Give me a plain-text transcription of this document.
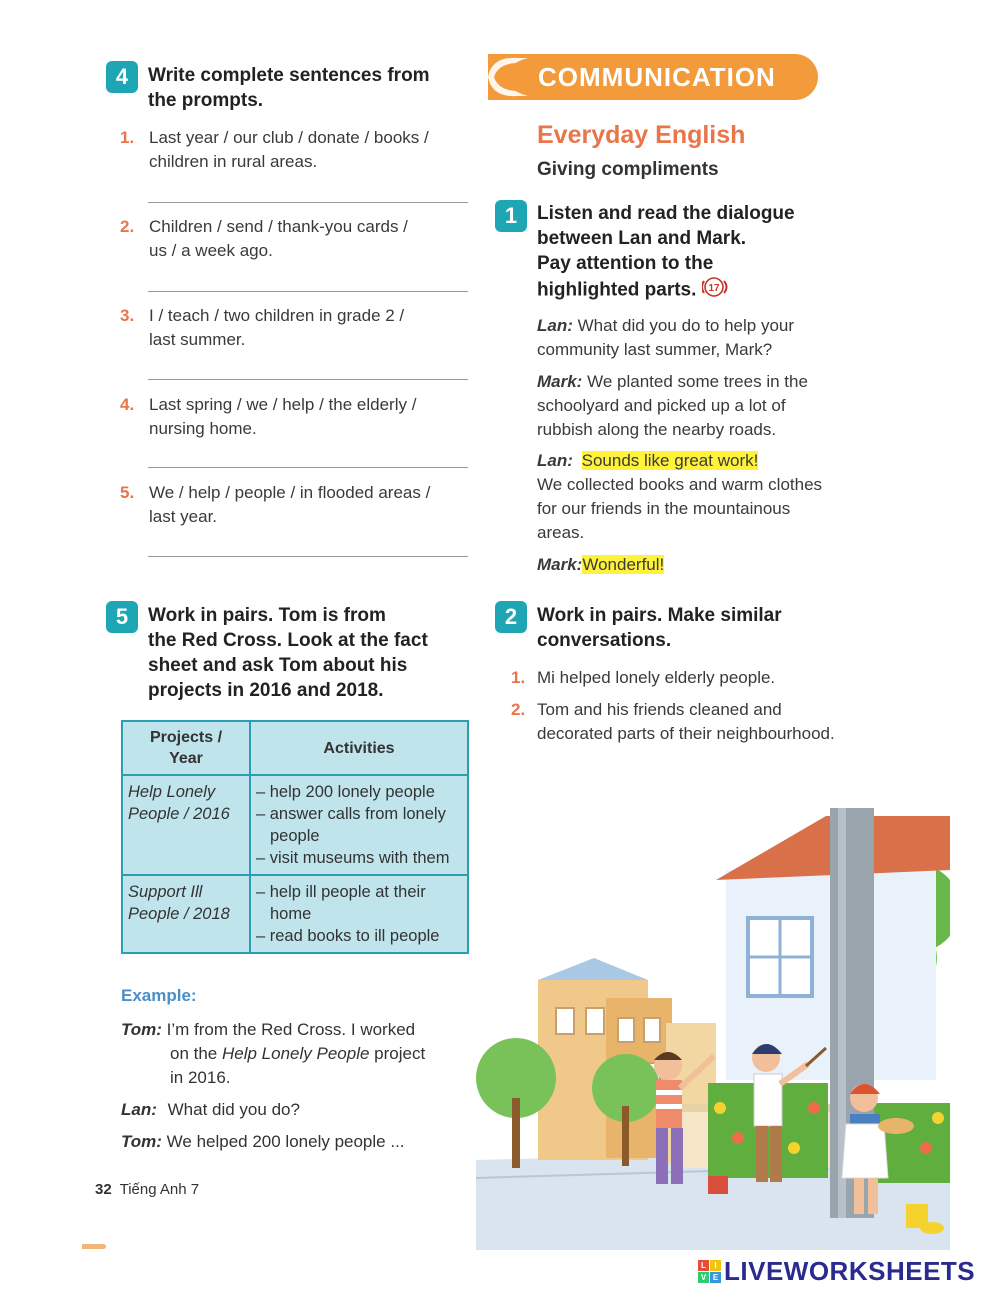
4	Write complete sentences from
the prompts.
1. Last year / our club / donate / books /
children in rural areas.
2. Children / send / thank-you cards /
us / a week ago.
3. I / teach / two children in grade 2 /
last summer.
4. Last spring / we / help / the elderly /
nursing home.
5. We / help / people / in flooded areas /
last year.
5	Work in pairs. Tom is from
the Red Cross. Look at the fact
sheet and ask Tom about his
projects in 2016 and 2018.
Projects /
Year	Activities
Help Lonely
People / 2016	– help 200 lonely people
– answer calls from lonely people
– visit museums with them

Support Ill
People / 2018	– help ill people at their home
– read books to ill people
Example:
Tom: I’m from the Red Cross. I worked
on the Help Lonely People project
in 2016.
Lan: What did you do?
Tom: We helped 200 lonely people ...
32 Tiếng Anh 7
COMMUNICATION
Everyday English
Giving compliments
1	Listen and read the dialogue
between Lan and Mark.
Pay attention to the
highlighted parts. 17
Lan: What did you do to help your
community last summer, Mark?
Mark: We planted some trees in the
schoolyard and picked up a lot of
rubbish along the nearby roads.
Lan: Sounds like great work!
We collected books and warm clothes
for our friends in the mountainous
areas.
Mark:Wonderful!
2	Work in pairs. Make similar
conversations.
1. Mi helped lonely elderly people.
2. Tom and his friends cleaned and
decorated parts of their neighbourhood.
L	I
V E LIVEWORKSHEETS
